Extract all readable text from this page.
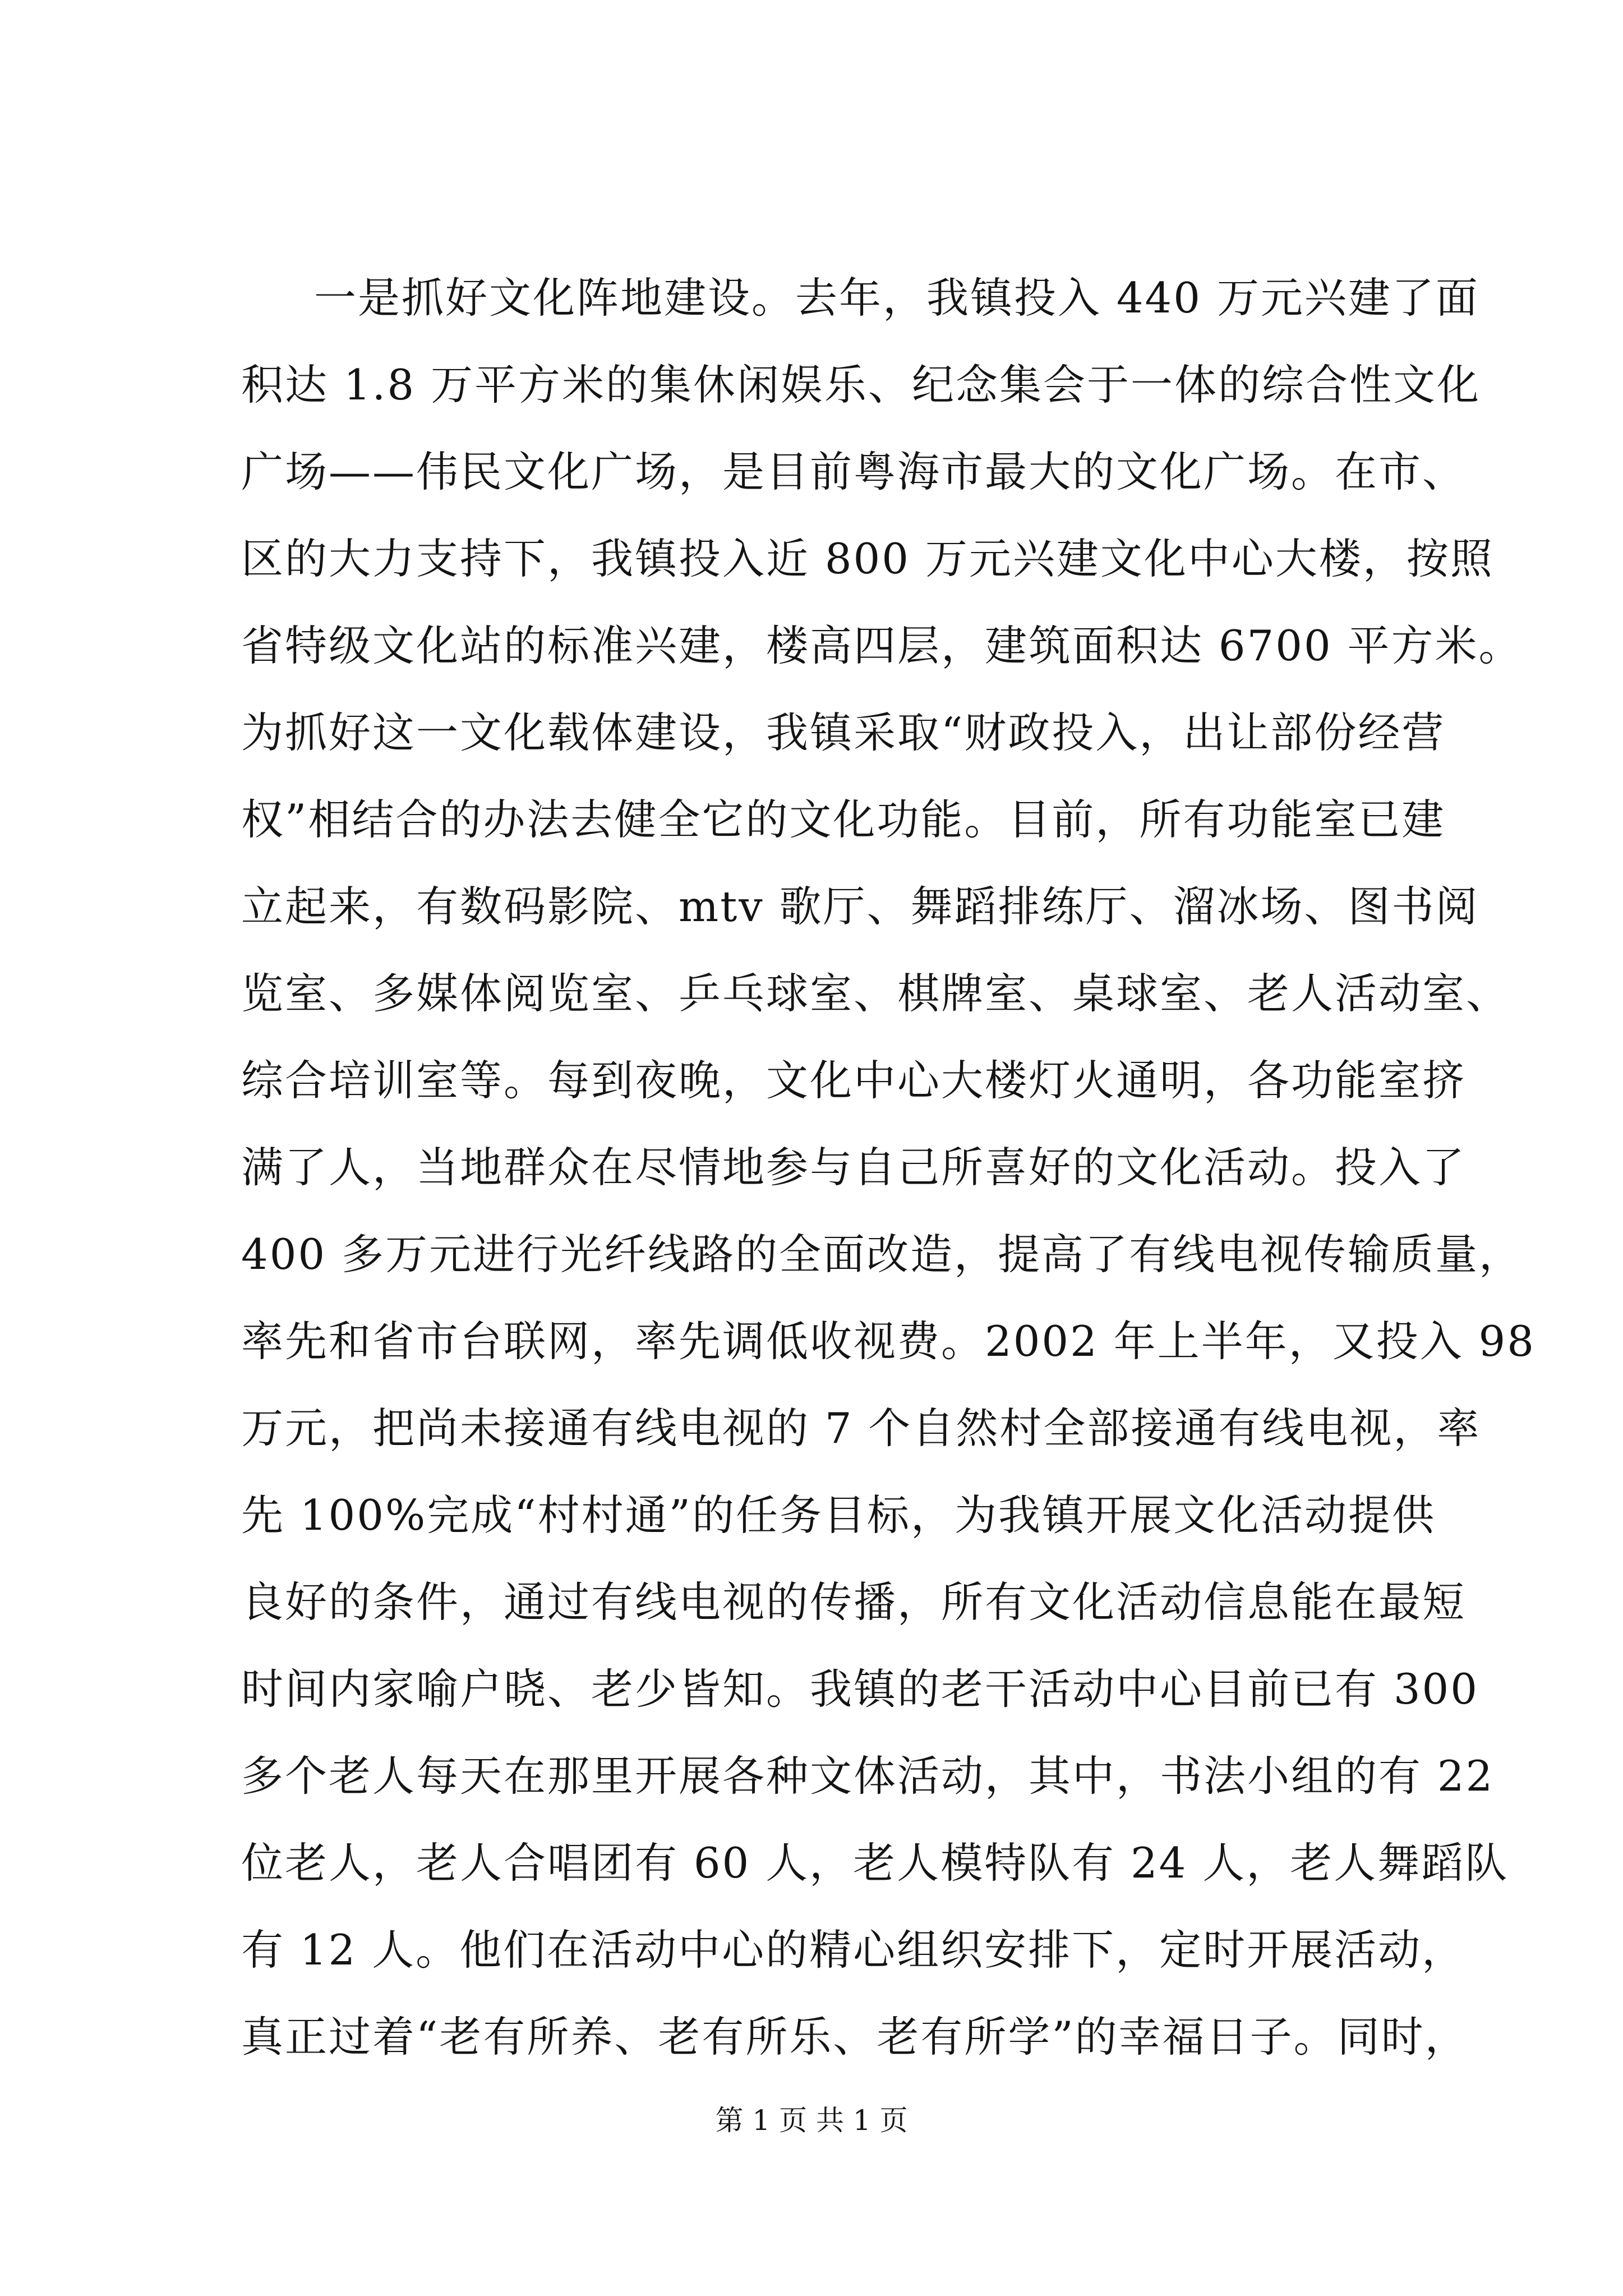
一是抓好文化阵地建设。去年，我镇投入 440 万元兴建了面
积达 1.8 万平方米的集休闲娱乐、纪念集会于一体的综合性文化
广场——伟民文化广场，是目前粤海市最大的文化广场。在市、
区的大力支持下，我镇投入近 800 万元兴建文化中心大楼，按照
省特级文化站的标准兴建，楼高四层，建筑面积达 6700 平方米。
为抓好这一文化载体建设，我镇采取“财政投入，出让部份经营
权”相结合的办法去健全它的文化功能。目前，所有功能室已建
立起来，有数码影院、mtv 歌厅、舞蹈排练厅、溜冰场、图书阅
览室、多媒体阅览室、乒乓球室、棋牌室、桌球室、老人活动室、
综合培训室等。每到夜晚，文化中心大楼灯火通明，各功能室挤
满了人，当地群众在尽情地参与自己所喜好的文化活动。投入了
400 多万元进行光纤线路的全面改造，提高了有线电视传输质量，
率先和省市台联网，率先调低收视费。2002 年上半年，又投入 98
万元，把尚未接通有线电视的 7 个自然村全部接通有线电视，率
先 100%完成“村村通”的任务目标，为我镇开展文化活动提供
良好的条件，通过有线电视的传播，所有文化活动信息能在最短
时间内家喻户晓、老少皆知。我镇的老干活动中心目前已有 300
多个老人每天在那里开展各种文体活动，其中，书法小组的有 22
位老人，老人合唱团有 60 人，老人模特队有 24 人，老人舞蹈队
有 12 人。他们在活动中心的精心组织安排下，定时开展活动，
真正过着“老有所养、老有所乐、老有所学”的幸福日子。同时，
第 1 页 共 1 页
